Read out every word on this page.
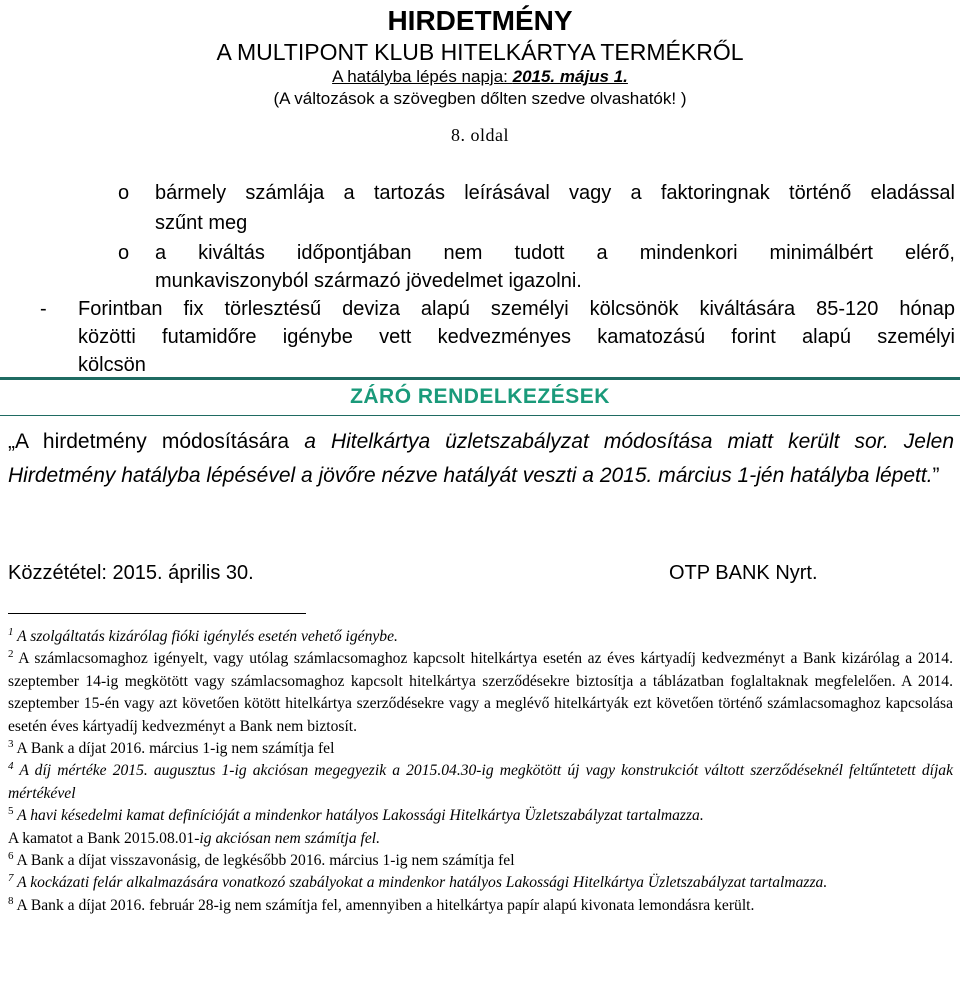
HIRDETMÉNY
A MULTIPONT KLUB HITELKÁRTYA TERMÉKRŐL
A hatályba lépés napja: 2015. május 1.
(A változások a szövegben dőlten szedve olvashatók! )
8. oldal
o bármely számlája a tartozás leírásával vagy a faktoringnak történő eladással
szűnt meg
o a kiváltás időpontjában nem tudott a mindenkori minimálbért elérő,
munkaviszonyból származó jövedelmet igazolni.
- Forintban fix törlesztésű deviza alapú személyi kölcsönök kiváltására 85-120 hónap
közötti futamidőre igénybe vett kedvezményes kamatozású forint alapú személyi
kölcsön
ZÁRÓ RENDELKEZÉSEK
„A hirdetmény módosítására a Hitelkártya üzletszabályzat módosítása miatt került sor. Jelen Hirdetmény hatályba lépésével a jövőre nézve hatályát veszti a 2015. március 1-jén hatályba lépett.”
Közzététel: 2015. április 30.	OTP BANK Nyrt.
$^1$ A szolgáltatás kizárólag fióki igénylés esetén vehető igénybe.
$^2$ A számlacsomaghoz igényelt, vagy utólag számlacsomaghoz kapcsolt hitelkártya esetén az éves kártyadíj kedvezményt a Bank kizárólag a 2014. szeptember 14-ig megkötött vagy számlacsomaghoz kapcsolt hitelkártya szerződésekre biztosítja a táblázatban foglaltaknak megfelelően. A 2014. szeptember 15-én vagy azt követően kötött hitelkártya szerződésekre vagy a meglévő hitelkártyák ezt követően történő számlacsomaghoz kapcsolása esetén éves kártyadíj kedvezményt a Bank nem biztosít.
$^3$ A Bank a díjat 2016. március 1-ig nem számítja fel
$^4$ A díj mértéke 2015. augusztus 1-ig akciósan megegyezik a 2015.04.30-ig megkötött új vagy konstrukciót váltott szerződéseknél feltűntetett díjak mértékével
$^5$ A havi késedelmi kamat definícióját a mindenkor hatályos Lakossági Hitelkártya Üzletszabályzat tartalmazza.
A kamatot a Bank 2015.08.01-ig akciósan nem számítja fel.
$^6$ A Bank a díjat visszavonásig, de legkésőbb 2016. március 1-ig nem számítja fel
$^7$ A kockázati felár alkalmazására vonatkozó szabályokat a mindenkor hatályos Lakossági Hitelkártya Üzletszabályzat tartalmazza.
$^8$ A Bank a díjat 2016. február 28-ig nem számítja fel, amennyiben a hitelkártya papír alapú kivonata lemondásra került.
